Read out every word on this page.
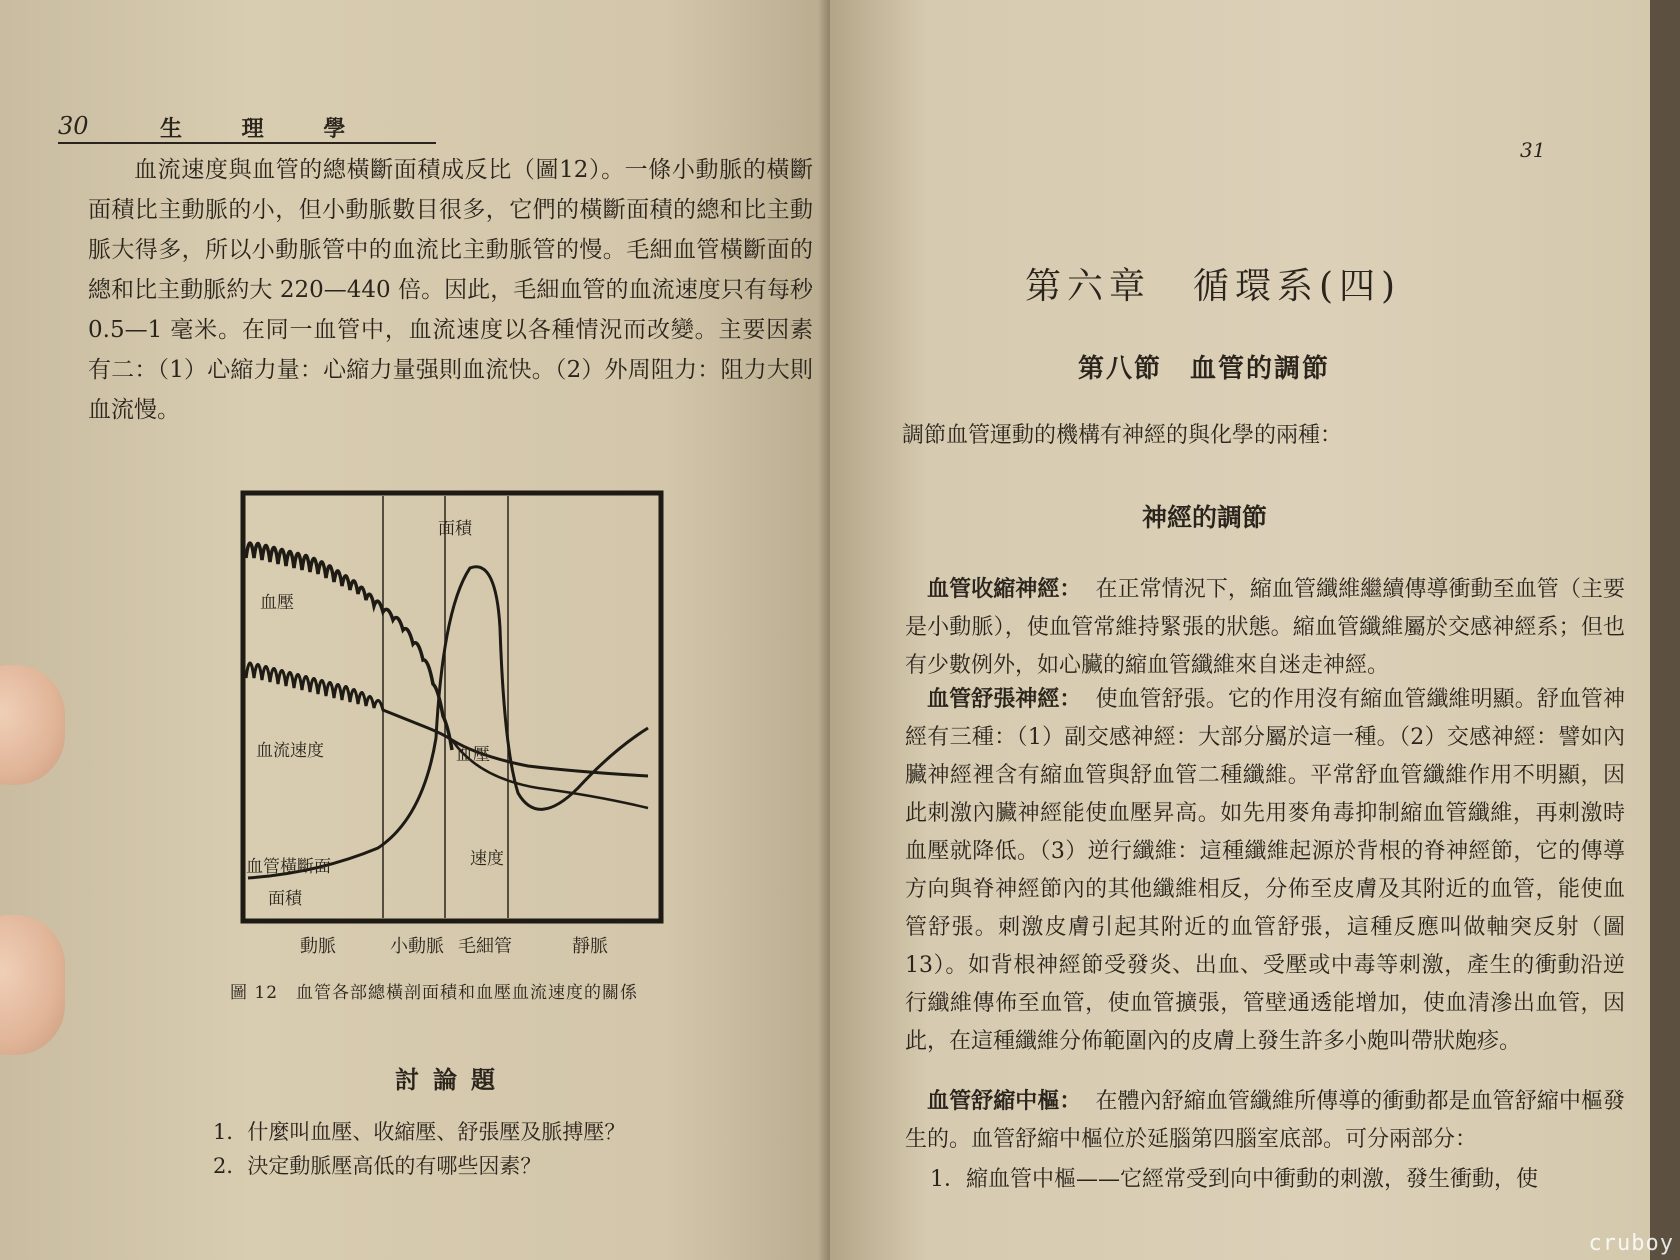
30	生 理 學

血流速度與血管的總橫斷面積成反比（圖12）。一條小動脈的橫斷面積比主動脈的小，但小動脈數目很多，它們的橫斷面積的總和比主動脈大得多，所以小動脈管中的血流比主動脈管的慢。毛細血管橫斷面的總和比主動脈約大 220—440 倍。因此，毛細血管的血流速度只有每秒 0.5—1 毫米。在同一血管中，血流速度以各種情況而改變。主要因素有二：（1）心縮力量：心縮力量强則血流快。（2）外周阻力：阻力大則血流慢。

面積
血壓
血流速度	血壓
血管橫斷面
面積
速度
動脈	小動脈 毛細管	靜脈
圖 12　血管各部總橫剖面積和血壓血流速度的關係
討論題
1．什麼叫血壓、收縮壓、舒張壓及脈搏壓？
2．決定動脈壓高低的有哪些因素？
31
第六章　循環系(四)
第八節　血管的調節
調節血管運動的機構有神經的與化學的兩種：
神經的調節

血管收縮神經： 在正常情況下，縮血管纖維繼續傳導衝動至血管（主要是小動脈），使血管常維持緊張的狀態。縮血管纖維屬於交感神經系；但也有少數例外，如心臟的縮血管纖維來自迷走神經。

血管舒張神經： 使血管舒張。它的作用沒有縮血管纖維明顯。舒血管神經有三種：（1）副交感神經：大部分屬於這一種。（2）交感神經：譬如內臟神經裡含有縮血管與舒血管二種纖維。平常舒血管纖維作用不明顯，因此刺激內臟神經能使血壓昇高。如先用麥角毒抑制縮血管纖維，再刺激時血壓就降低。（3）逆行纖維：這種纖維起源於背根的脊神經節，它的傳導方向與脊神經節內的其他纖維相反，分佈至皮膚及其附近的血管，能使血管舒張。刺激皮膚引起其附近的血管舒張，這種反應叫做軸突反射（圖13）。如背根神經節受發炎、出血、受壓或中毒等刺激，產生的衝動沿逆行纖維傳佈至血管，使血管擴張，管壁通透能增加，使血清滲出血管，因此，在這種纖維分佈範圍內的皮膚上發生許多小皰叫帶狀皰疹。

血管舒縮中樞： 在體內舒縮血管纖維所傳導的衝動都是血管舒縮中樞發生的。血管舒縮中樞位於延腦第四腦室底部。可分兩部分：

1．縮血管中樞——它經常受到向中衝動的刺激，發生衝動，使
cruboy
